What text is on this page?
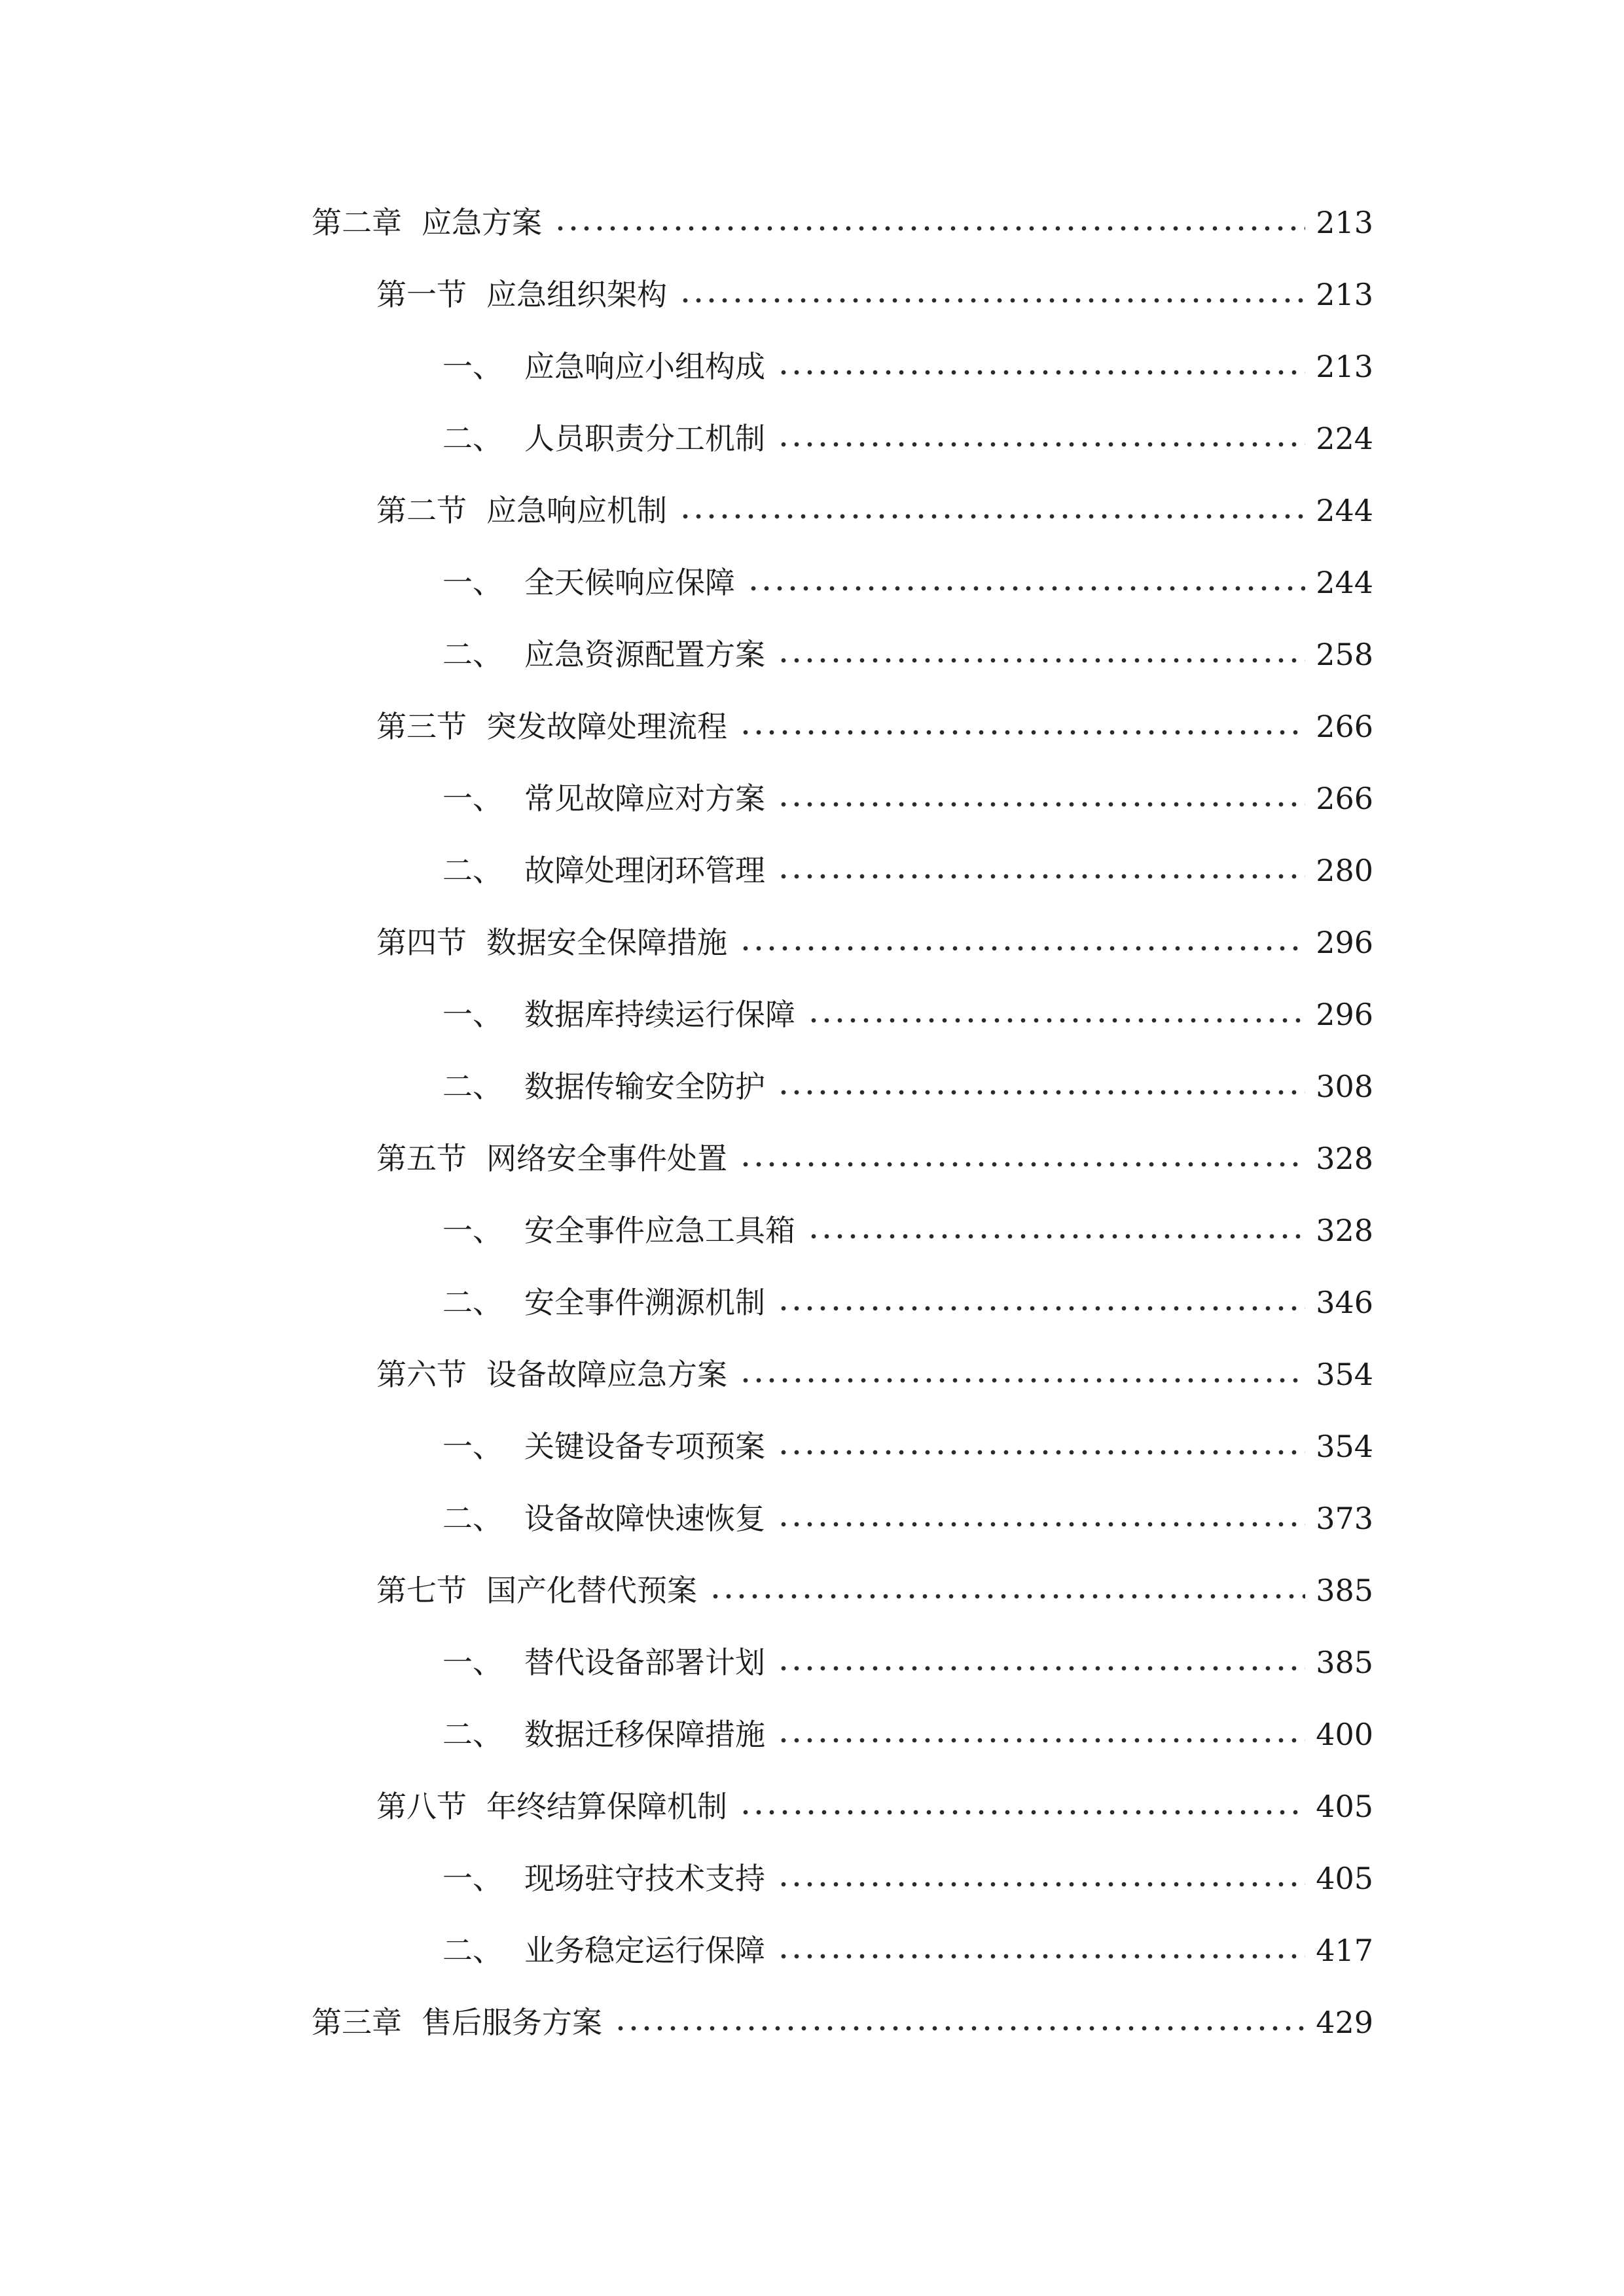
第二章 应急方案	213
第一节 应急组织架构	213
一、 应急响应小组构成	213
二、 人员职责分工机制	224
第二节 应急响应机制	244
一、 全天候响应保障	244
二、 应急资源配置方案	258
第三节 突发故障处理流程	266
一、 常见故障应对方案	266
二、 故障处理闭环管理	280
第四节 数据安全保障措施	296
一、 数据库持续运行保障	296
二、 数据传输安全防护	308
第五节 网络安全事件处置	328
一、 安全事件应急工具箱	328
二、 安全事件溯源机制	346
第六节 设备故障应急方案	354
一、 关键设备专项预案	354
二、 设备故障快速恢复	373
第七节 国产化替代预案	385
一、 替代设备部署计划	385
二、 数据迁移保障措施	400
第八节 年终结算保障机制	405
一、 现场驻守技术支持	405
二、 业务稳定运行保障	417
第三章 售后服务方案	429
